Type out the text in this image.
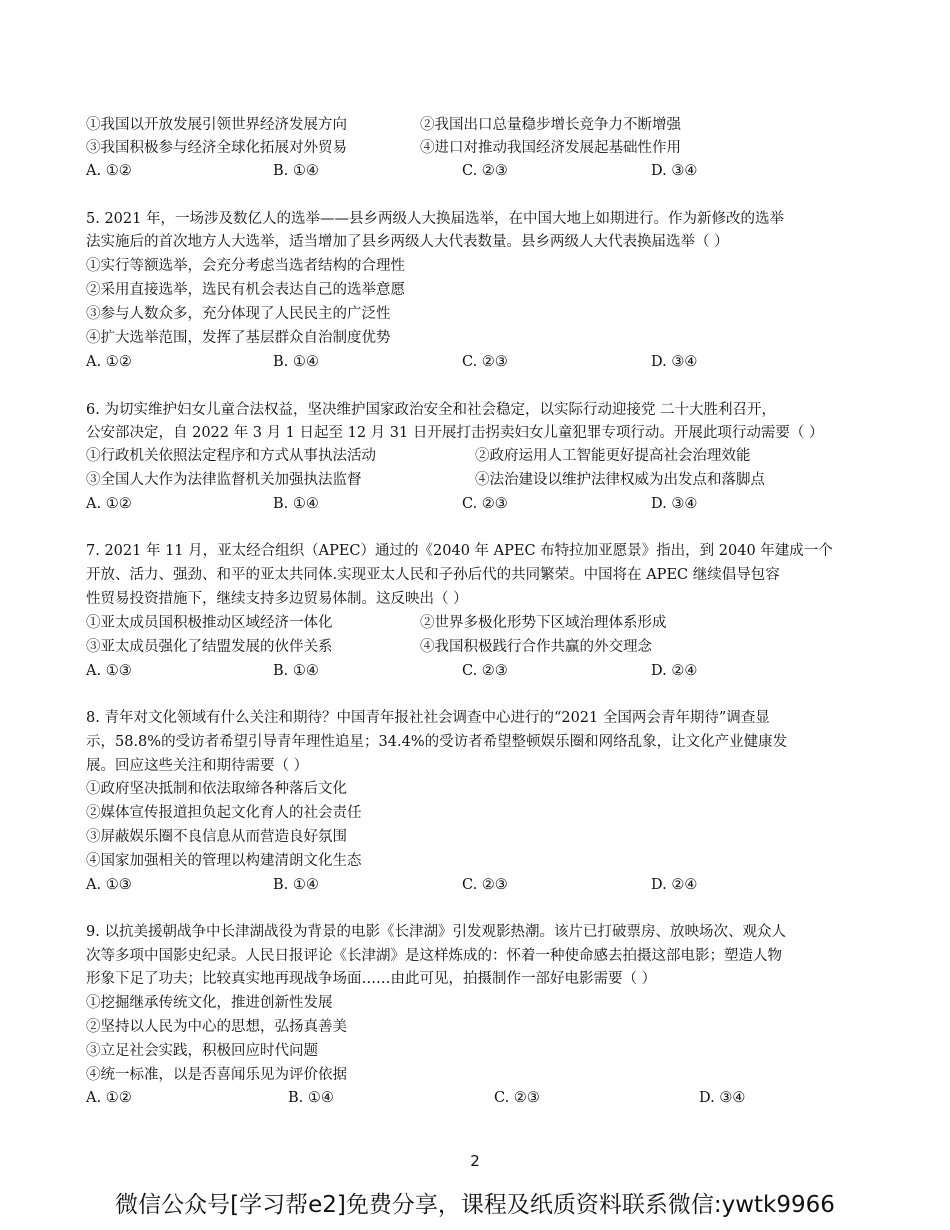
①我国以开放发展引领世界经济发展方向	②我国出口总量稳步增长竞争力不断增强
③我国积极参与经济全球化拓展对外贸易	④进口对推动我国经济发展起基础性作用
A. ①②	B. ①④	C. ②③	D. ③④
5. 2021 年，一场涉及数亿人的选举——县乡两级人大换届选举，在中国大地上如期进行。作为新修改的选举
法实施后的首次地方人大选举，适当增加了县乡两级人大代表数量。县乡两级人大代表换届选举（ ）
①实行等额选举，会充分考虑当选者结构的合理性
②采用直接选举，选民有机会表达自己的选举意愿
③参与人数众多，充分体现了人民民主的广泛性
④扩大选举范围，发挥了基层群众自治制度优势
A. ①②	B. ①④	C. ②③	D. ③④
6. 为切实维护妇女儿童合法权益，坚决维护国家政治安全和社会稳定，以实际行动迎接党 二十大胜利召开，
公安部决定，自 2022 年 3 月 1 日起至 12 月 31 日开展打击拐卖妇女儿童犯罪专项行动。开展此项行动需要（ ）
①行政机关依照法定程序和方式从事执法活动	②政府运用人工智能更好提高社会治理效能
③全国人大作为法律监督机关加强执法监督	④法治建设以维护法律权威为出发点和落脚点
A. ①②	B. ①④	C. ②③	D. ③④
7. 2021 年 11 月，亚太经合组织（APEC）通过的《2040 年 APEC 布特拉加亚愿景》指出，到 2040 年建成一个
开放、活力、强劲、和平的亚太共同体.实现亚太人民和子孙后代的共同繁荣。中国将在 APEC 继续倡导包容
性贸易投资措施下，继续支持多边贸易体制。这反映出（ ）
①亚太成员国积极推动区域经济一体化	②世界多极化形势下区域治理体系形成
③亚太成员强化了结盟发展的伙伴关系	④我国积极践行合作共赢的外交理念
A. ①③	B. ①④	C. ②③	D. ②④
8. 青年对文化领域有什么关注和期待？中国青年报社社会调查中心进行的“2021 全国两会青年期待”调查显
示，58.8%的受访者希望引导青年理性追星；34.4%的受访者希望整顿娱乐圈和网络乱象，让文化产业健康发
展。回应这些关注和期待需要（ ）
①政府坚决抵制和依法取缔各种落后文化
②媒体宣传报道担负起文化育人的社会责任
③屏蔽娱乐圈不良信息从而营造良好氛围
④国家加强相关的管理以构建清朗文化生态
A. ①③	B. ①④	C. ②③	D. ②④
9. 以抗美援朝战争中长津湖战役为背景的电影《长津湖》引发观影热潮。该片已打破票房、放映场次、观众人
次等多项中国影史纪录。人民日报评论《长津湖》是这样炼成的：怀着一种使命感去拍摄这部电影；塑造人物
形象下足了功夫；比较真实地再现战争场面……由此可见，拍摄制作一部好电影需要（ ）
①挖掘继承传统文化，推进创新性发展
②坚持以人民为中心的思想，弘扬真善美
③立足社会实践，积极回应时代问题
④统一标准，以是否喜闻乐见为评价依据
A. ①②	B. ①④	C. ②③	D. ③④
2
微信公众号[学习帮e2]免费分享，课程及纸质资料联系微信:ywtk9966
